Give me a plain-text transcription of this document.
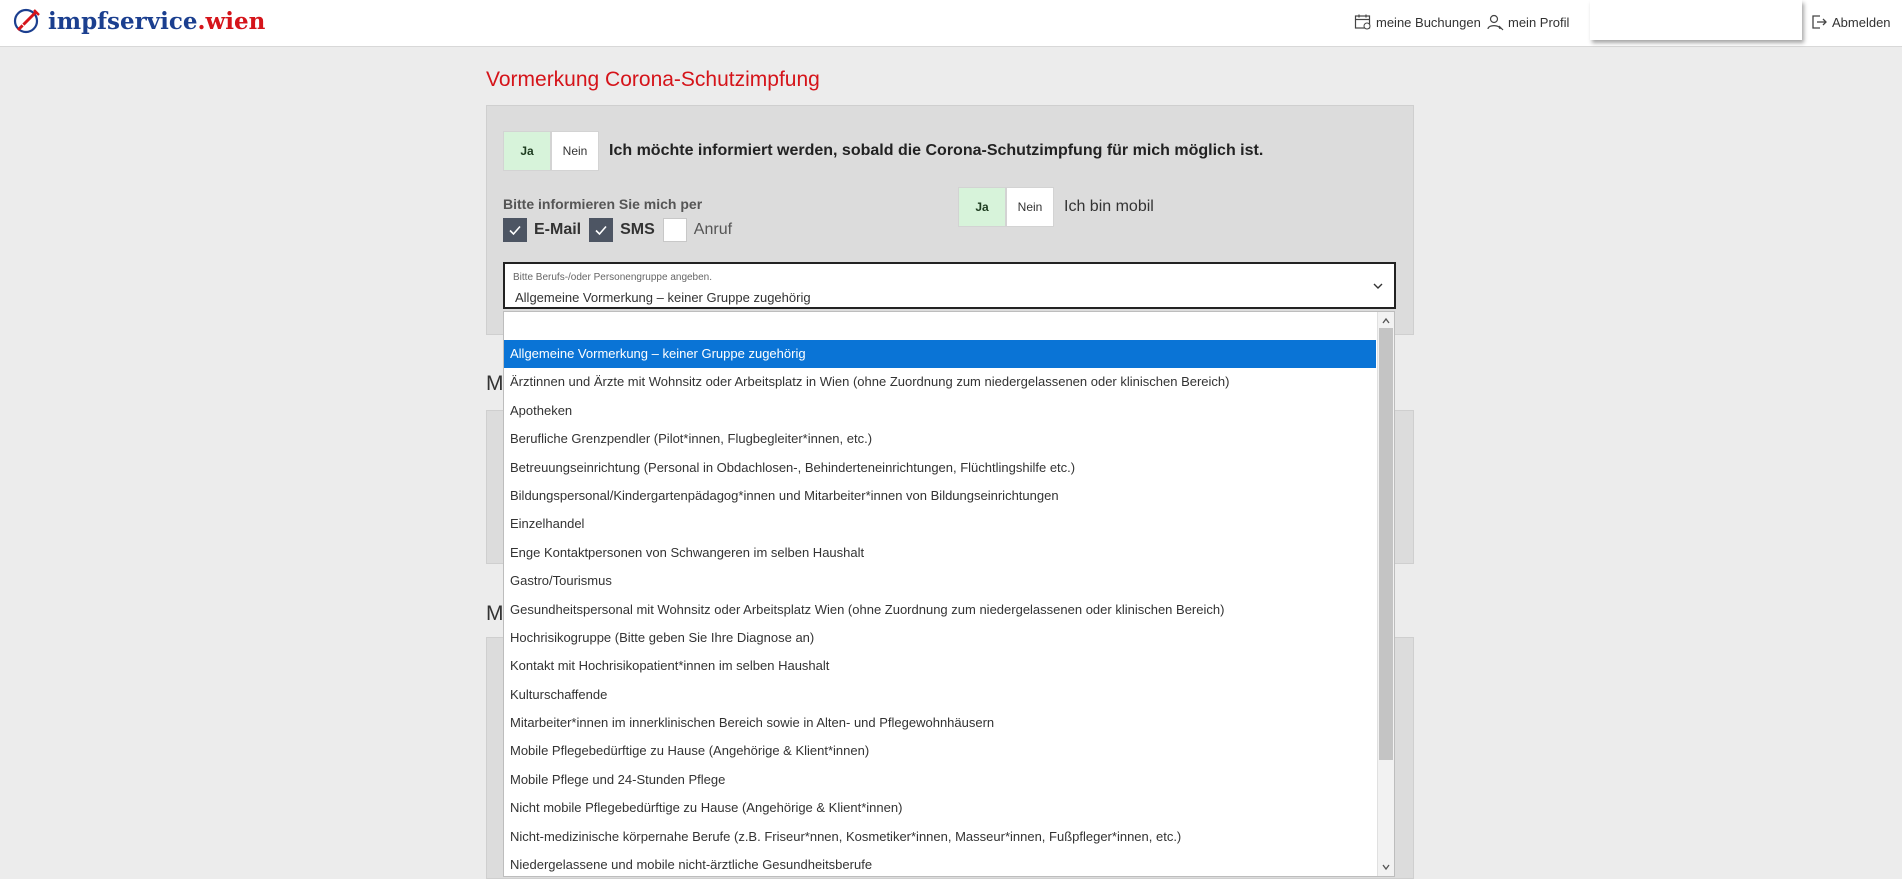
impfservice.wien	meine Buchungen mein Profil	Abmelden
Vormerkung Corona-Schutzimpfung
M
M
Ja	Nein	Ich möchte informiert werden, sobald die Corona-Schutzimpfung für mich möglich ist.
Bitte informieren Sie mich per
E-Mail SMS Anruf
Ja	Nein	Ich bin mobil
Bitte Berufs-/oder Personengruppe angeben.
Allgemeine Vormerkung – keiner Gruppe zugehörig
Allgemeine Vormerkung – keiner Gruppe zugehörig
Ärztinnen und Ärzte mit Wohnsitz oder Arbeitsplatz in Wien (ohne Zuordnung zum niedergelassenen oder klinischen Bereich)
Apotheken
Berufliche Grenzpendler (Pilot*innen, Flugbegleiter*innen, etc.)
Betreuungseinrichtung (Personal in Obdachlosen-, Behinderteneinrichtungen, Flüchtlingshilfe etc.)
Bildungspersonal/Kindergartenpädagog*innen und Mitarbeiter*innen von Bildungseinrichtungen
Einzelhandel
Enge Kontaktpersonen von Schwangeren im selben Haushalt
Gastro/Tourismus
Gesundheitspersonal mit Wohnsitz oder Arbeitsplatz Wien (ohne Zuordnung zum niedergelassenen oder klinischen Bereich)
Hochrisikogruppe (Bitte geben Sie Ihre Diagnose an)
Kontakt mit Hochrisikopatient*innen im selben Haushalt
Kulturschaffende
Mitarbeiter*innen im innerklinischen Bereich sowie in Alten- und Pflegewohnhäusern
Mobile Pflegebedürftige zu Hause (Angehörige & Klient*innen)
Mobile Pflege und 24-Stunden Pflege
Nicht mobile Pflegebedürftige zu Hause (Angehörige & Klient*innen)
Nicht-medizinische körpernahe Berufe (z.B. Friseur*nnen, Kosmetiker*innen, Masseur*innen, Fußpfleger*innen, etc.)
Niedergelassene und mobile nicht-ärztliche Gesundheitsberufe
